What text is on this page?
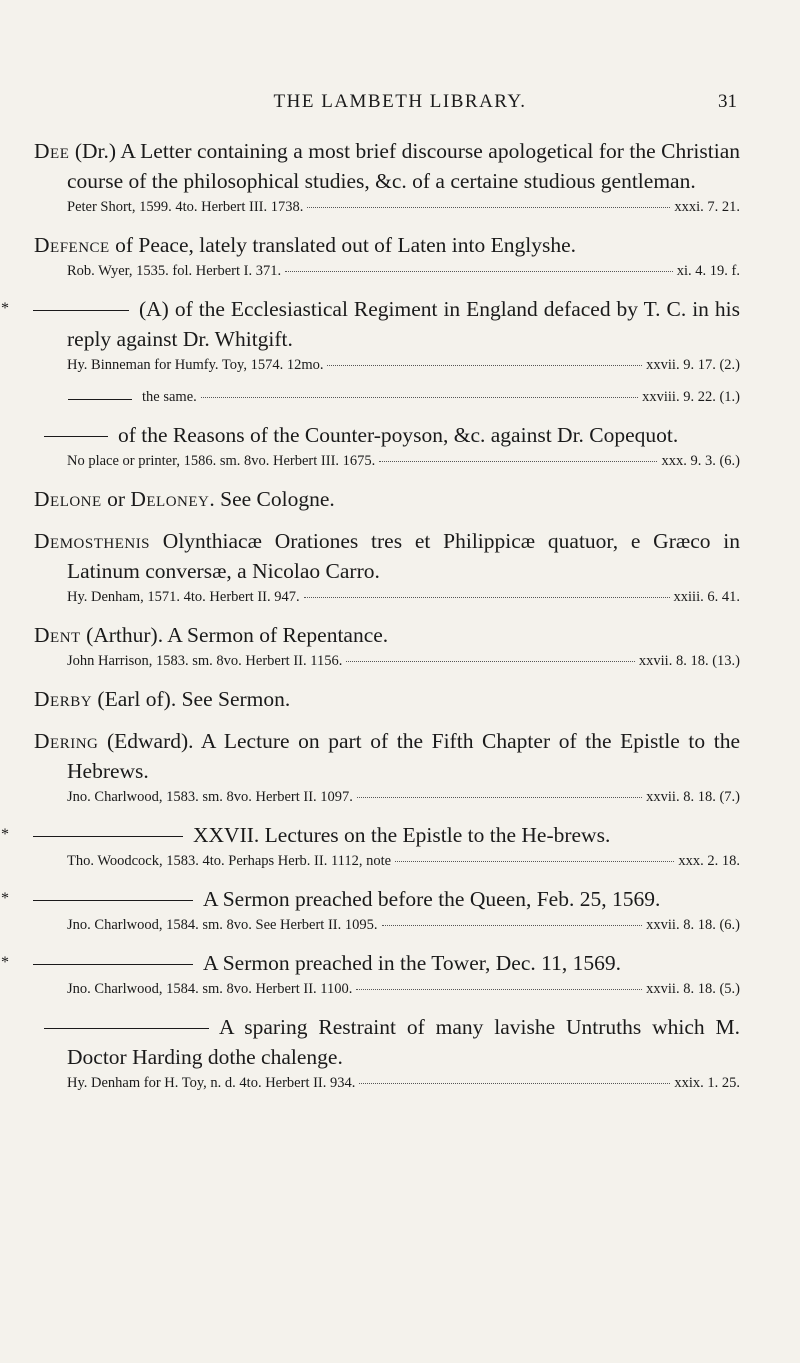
THE LAMBETH LIBRARY.	31

Dee (Dr.) A Letter containing a most brief discourse apologetical for the Christian course of the philosophical studies, &c. of a certaine studious gentleman.

Peter Short, 1599. 4to. Herbert III. 1738.	xxxi. 7. 21.

Defence of Peace, lately translated out of Laten into Englyshe.

Rob. Wyer, 1535. fol. Herbert I. 371.	xi. 4. 19. f.

*	(A) of the Ecclesiastical Regiment in England defaced by T. C. in his reply against Dr. Whitgift.

Hy. Binneman for Humfy. Toy, 1574. 12mo.	xxvii. 9. 17. (2.)

the same.	xxviii. 9. 22. (1.)

of the Reasons of the Counter-poyson, &c. against Dr. Copequot.

No place or printer, 1586. sm. 8vo. Herbert III. 1675.	xxx. 9. 3. (6.)

Delone or Deloney. See Cologne.

Demosthenis Olynthiacæ Orationes tres et Philippicæ quatuor, e Græco in Latinum conversæ, a Nicolao Carro.

Hy. Denham, 1571. 4to. Herbert II. 947.	xxiii. 6. 41.

Dent (Arthur). A Sermon of Repentance.

John Harrison, 1583. sm. 8vo. Herbert II. 1156.	xxvii. 8. 18. (13.)

Derby (Earl of). See Sermon.

Dering (Edward). A Lecture on part of the Fifth Chapter of the Epistle to the Hebrews.

Jno. Charlwood, 1583. sm. 8vo. Herbert II. 1097.	xxvii. 8. 18. (7.)

*	XXVII. Lectures on the Epistle to the He-brews.

Tho. Woodcock, 1583. 4to. Perhaps Herb. II. 1112, note	xxx. 2. 18.

*	A Sermon preached before the Queen, Feb. 25, 1569.

Jno. Charlwood, 1584. sm. 8vo. See Herbert II. 1095.	xxvii. 8. 18. (6.)

*	A Sermon preached in the Tower, Dec. 11, 1569.

Jno. Charlwood, 1584. sm. 8vo. Herbert II. 1100.	xxvii. 8. 18. (5.)

A sparing Restraint of many lavishe Untruths which M. Doctor Harding dothe chalenge.

Hy. Denham for H. Toy, n. d. 4to. Herbert II. 934.	xxix. 1. 25.
